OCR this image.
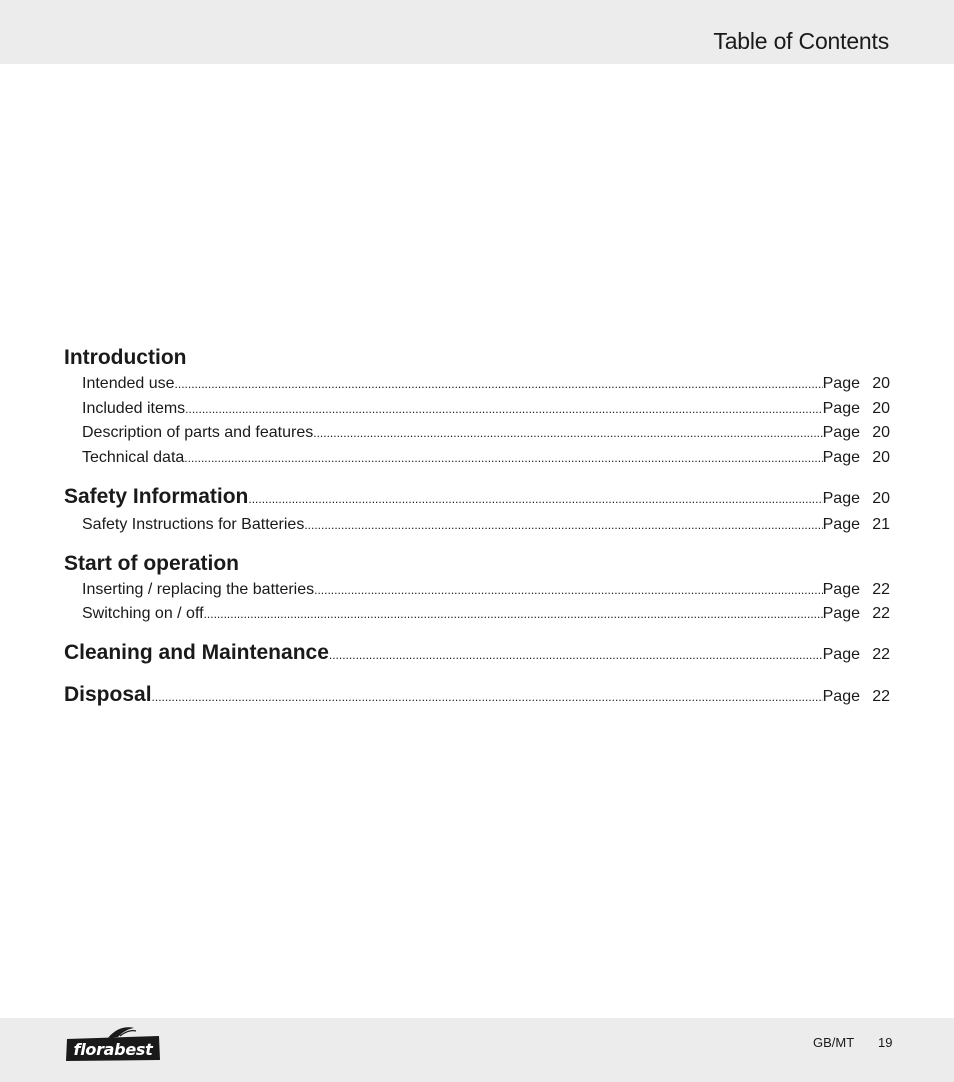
Table of Contents
Introduction
Intended use .....	Page 20
Included items .....	Page 20
Description of parts and features .....	Page 20
Technical data .....	Page 20
Safety Information .....	Page 20
Safety Instructions for Batteries .....	Page 21
Start of operation
Inserting / replacing the batteries .....	Page 22
Switching on / off .....	Page 22
Cleaning and Maintenance .....	Page 22
Disposal .....	Page 22
florabest	GB/MT 19
